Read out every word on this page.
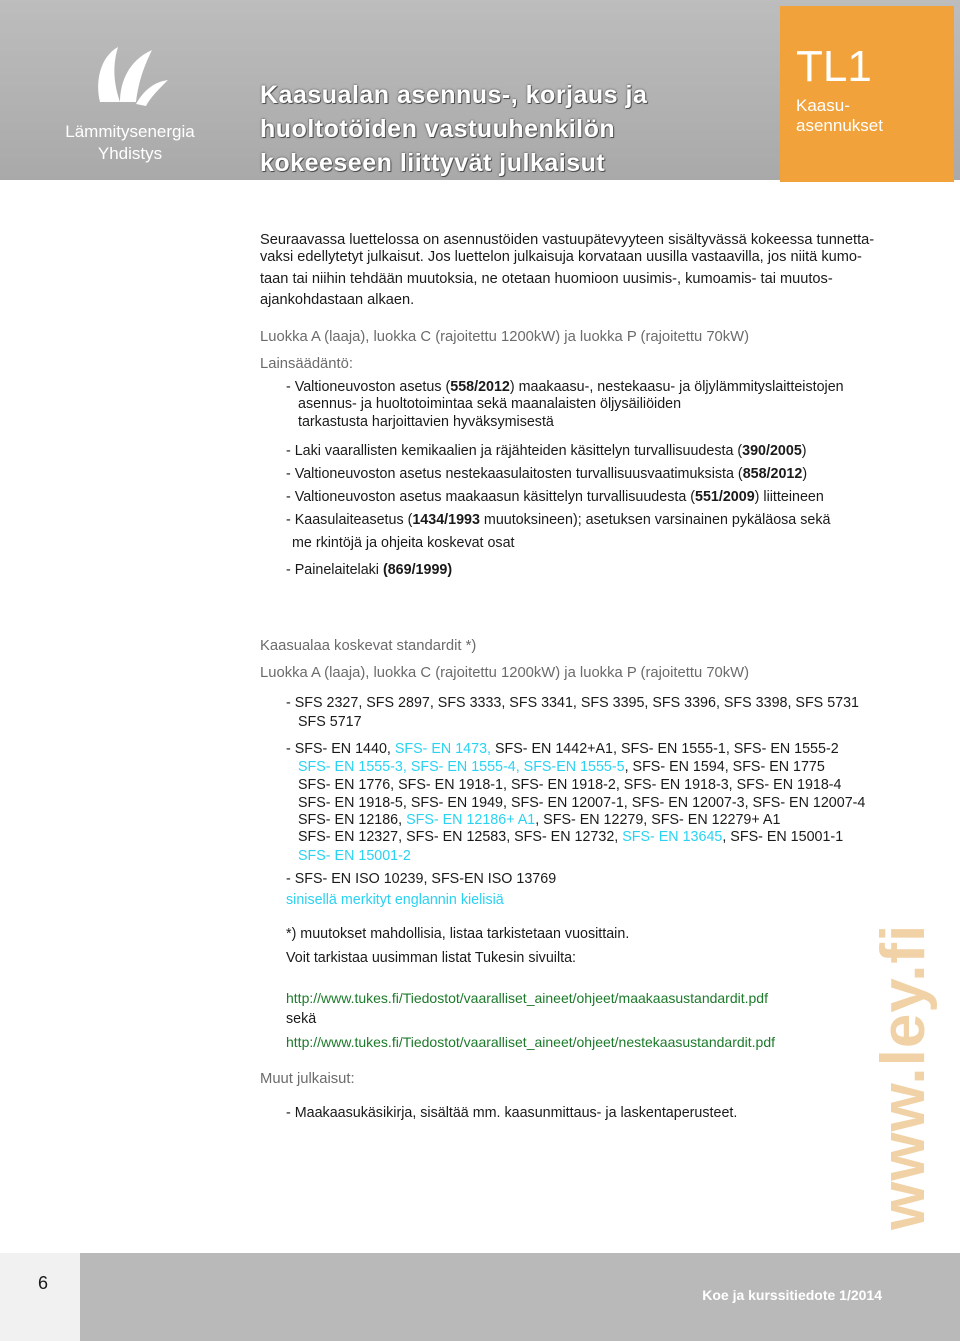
Lämmitysenergia
Yhdistys
Kaasualan asennus-, korjaus ja huoltotöiden vastuuhenkilön kokeeseen liittyvät julkaisut
TL1
Kaasu-
asennukset
Seuraavassa luettelossa on asennustöiden vastuupätevyyteen sisältyvässä kokeessa tunnetta-
vaksi edellytetyt julkaisut. Jos luettelon julkaisuja korvataan uusilla vastaavilla, jos niitä kumo-
taan tai niihin tehdään muutoksia, ne otetaan huomioon uusimis-, kumoamis- tai muutos-
ajankohdastaan alkaen.
Luokka A (laaja), luokka C (rajoitettu 1200kW) ja luokka P (rajoitettu 70kW)
Lainsäädäntö:
- Valtioneuvoston asetus (558/2012) maakaasu-, nestekaasu- ja öljylämmityslaitteistojen
asennus- ja huoltotoimintaa sekä maanalaisten öljysäiliöiden
tarkastusta harjoittavien hyväksymisestä
- Laki vaarallisten kemikaalien ja räjähteiden käsittelyn turvallisuudesta (390/2005)
- Valtioneuvoston asetus nestekaasulaitosten turvallisuusvaatimuksista (858/2012)
- Valtioneuvoston asetus maakaasun käsittelyn turvallisuudesta (551/2009) liitteineen
- Kaasulaiteasetus (1434/1993 muutoksineen); asetuksen varsinainen pykäläosa sekä
me rkintöjä ja ohjeita koskevat osat
- Painelaitelaki (869/1999)
Kaasualaa koskevat standardit *)
Luokka A (laaja), luokka C (rajoitettu 1200kW) ja luokka P (rajoitettu 70kW)
- SFS 2327, SFS 2897, SFS 3333, SFS 3341, SFS 3395, SFS 3396, SFS 3398, SFS 5731
SFS 5717
- SFS- EN 1440, SFS- EN 1473, SFS- EN 1442+A1, SFS- EN 1555-1, SFS- EN 1555-2
SFS- EN 1555-3, SFS- EN 1555-4, SFS-EN 1555-5, SFS- EN 1594, SFS- EN 1775
SFS- EN 1776, SFS- EN 1918-1, SFS- EN 1918-2, SFS- EN 1918-3, SFS- EN 1918-4
SFS- EN 1918-5, SFS- EN 1949, SFS- EN 12007-1, SFS- EN 12007-3, SFS- EN 12007-4
SFS- EN 12186, SFS- EN 12186+ A1, SFS- EN 12279, SFS- EN 12279+ A1
SFS- EN 12327, SFS- EN 12583, SFS- EN 12732, SFS- EN 13645, SFS- EN 15001-1
SFS- EN 15001-2
- SFS- EN ISO 10239, SFS-EN ISO 13769
sinisellä merkityt englannin kielisiä
*) muutokset mahdollisia, listaa tarkistetaan vuosittain.
Voit tarkistaa uusimman listat Tukesin sivuilta:
http://www.tukes.fi/Tiedostot/vaaralliset_aineet/ohjeet/maakaasustandardit.pdf
sekä
http://www.tukes.fi/Tiedostot/vaaralliset_aineet/ohjeet/nestekaasustandardit.pdf
Muut julkaisut:
- Maakaasukäsikirja, sisältää mm. kaasunmittaus- ja laskentaperusteet. www.ley.fi
6
Koe ja kurssitiedote 1/2014
